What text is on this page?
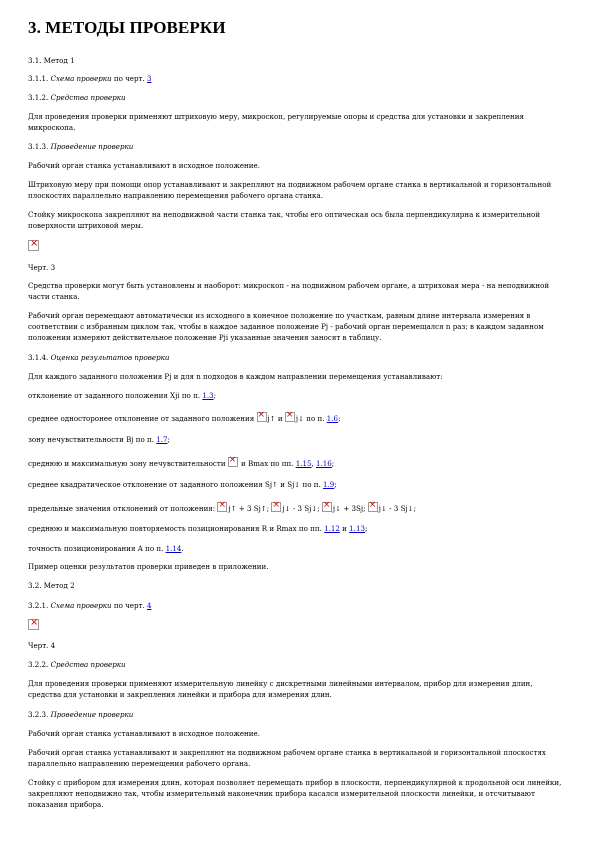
3. МЕТОДЫ ПРОВЕРКИ
3.1. Метод 1
3.1.1. Схема проверки по черт. 3
3.1.2. Средства проверки
Для проведения проверки применяют штриховую меру, микроскоп, регулируемые опоры и средства для установки и закрепления микроскопа.
3.1.3. Проведение проверки
Рабочий орган станка устанавливают в исходное положение.
Штриховую меру при помощи опор устанавливают и закрепляют на подвижном рабочем органе станка в вертикальной и горизонтальной плоскостях параллельно направлению перемещения рабочего органа станка.
Стойку микроскопа закрепляют на неподвижной части станка так, чтобы его оптическая ось была перпендикулярна к измерительной поверхности штриховой меры.
×
Черт. 3
Средства проверки могут быть установлены и наоборот: микроскоп - на подвижном рабочем органе, а штриховая мера - на неподвижной части станка.
Рабочий орган перемещают автоматически из исходного в конечное положение по участкам, равным длине интервала измерения в соответствии с избранным циклом так, чтобы в каждое заданное положение Pj - рабочий орган перемещался n раз; в каждом заданном положении измеряют действительное положение Pji указанные значения заносят в таблицу.
3.1.4. Оценка результатов проверки
Для каждого заданного положения Pj и для n подходов в каждом направлении перемещения устанавливают:
отклонение от заданного положения Xji по п. 1.3;
среднее односторонее отклонение от заданного положения ×j↑ и ×j↓ по п. 1.6;
зону нечувствительности Bj по п. 1.7;
среднюю и максимальную зону нечувствительности × и Bmax по пп. 1.15, 1.16;
среднее квадратическое отклонение от заданного положения Sj↑ и Sj↓ по п. 1.9;
предельные значения отклонений от положения: ×j↑ + 3 Sj↑; ×j↓ - 3 Sj↓; ×j↓ + 3Sj; ×j↓ - 3 Sj↓;
среднюю и максимальную повторяемость позиционирования R и Rmax по пп. 1.12 и 1.13;
точность позиционирования A по п. 1.14.
Пример оценки результатов проверки приведен в приложении.
3.2. Метод 2
3.2.1. Схема проверки по черт. 4
×
Черт. 4
3.2.2. Средства проверки
Для проведения проверки применяют измерительную линейку с дискретными линейными интервалом, прибор для измерения длин, средства для установки и закрепления линейки и прибора для измерения длин.
3.2.3. Проведение проверки
Рабочий орган станка устанавливают в исходное положение.
Рабочий орган станка устанавливают и закрепляют на подвижном рабочем органе станка в вертикальной и горизонтальной плоскостях параллельно направлению перемещения рабочего органа.
Стойку с прибором для измерения длин, которая позволяет перемещать прибор в плоскости, перпендикулярной к продольной оси линейки, закрепляют неподвижно так, чтобы измерительный наконечник прибора касался измерительной плоскости линейки, и отсчитывают показания прибора.
